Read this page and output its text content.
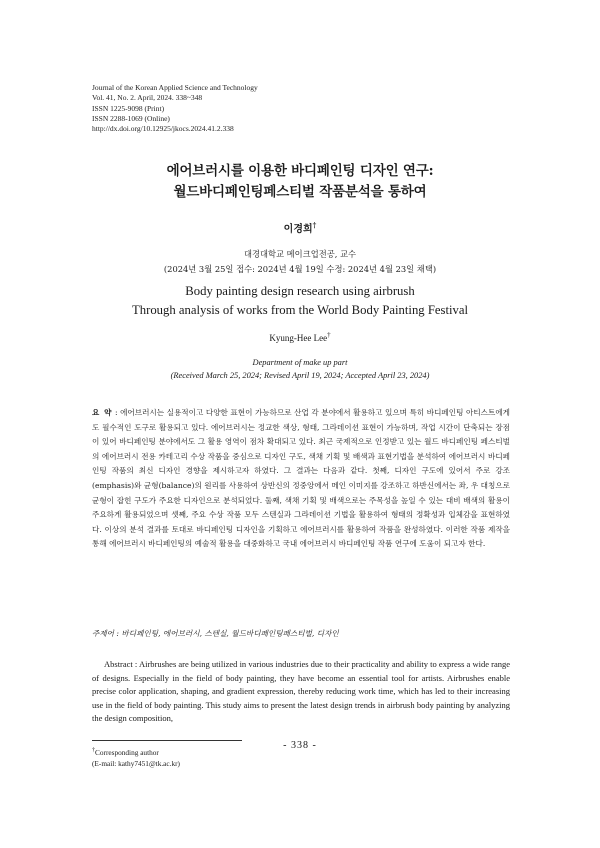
Journal of the Korean Applied Science and Technology
Vol. 41, No. 2. April, 2024. 338~348
ISSN 1225-9098 (Print)
ISSN 2288-1069 (Online)
http://dx.doi.org/10.12925/jkocs.2024.41.2.338
에어브러시를 이용한 바디페인팅 디자인 연구:
월드바디페인팅페스티벌 작품분석을 통하여
이경희†
대경대학교 메이크업전공, 교수
(2024년 3월 25일 접수: 2024년 4월 19일 수정: 2024년 4월 23일 채택)
Body painting design research using airbrush
Through analysis of works from the World Body Painting Festival
Kyung-Hee Lee†
Department of make up part
(Received March 25, 2024; Revised April 19, 2024; Accepted April 23, 2024)
요 약 : 에어브러시는 실용적이고 다양한 표현이 가능하므로 산업 각 분야에서 활용하고 있으며 특히 바디페인팅 아티스트에게도 필수적인 도구로 활용되고 있다. 에어브러시는 정교한 색상, 형태, 그라데이션 표현이 가능하며, 작업 시간이 단축되는 장점이 있어 바디페인팅 분야에서도 그 활용 영역이 점차 확대되고 있다. 최근 국제적으로 인정받고 있는 월드 바디페인팅 페스티벌의 에어브러시 전용 카테고리 수상 작품을 중심으로 디자인 구도, 색채 기획 및 배색과 표현기법을 분석하여 에어브러시 바디페인팅 작품의 최신 디자인 경향을 제시하고자 하였다. 그 결과는 다음과 같다. 첫째, 디자인 구도에 있어서 주로 강조(emphasis)와 균형(balance)의 원리를 사용하여 상반신의 정중앙에서 메인 이미지를 강조하고 하반신에서는 좌, 우 대칭으로 균형이 잡힌 구도가 주요한 디자인으로 분석되었다. 둘째, 색채 기획 및 배색으로는 주목성을 높일 수 있는 대비 배색의 활용이 주요하게 활용되었으며 셋째, 주요 수상 작품 모두 스텐실과 그라데이션 기법을 활용하여 형태의 정확성과 입체감을 표현하였다. 이상의 분석 결과를 토대로 바디페인팅 디자인을 기획하고 에어브러시를 활용하여 작품을 완성하였다. 이러한 작품 제작을 통해 에어브러시 바디페인팅의 예술적 활용을 대중화하고 국내 에어브러시 바디페인팅 작품 연구에 도움이 되고자 한다.
주제어 : 바디페인팅, 에어브러시, 스텐실, 월드바디페인팅페스티벌, 디자인
Abstract : Airbrushes are being utilized in various industries due to their practicality and ability to express a wide range of designs. Especially in the field of body painting, they have become an essential tool for artists. Airbrushes enable precise color application, shaping, and gradient expression, thereby reducing work time, which has led to their increasing use in the field of body painting. This study aims to present the latest design trends in airbrush body painting by analyzing the design composition,
†Corresponding author
(E-mail: kathy7451@tk.ac.kr)
- 338 -
